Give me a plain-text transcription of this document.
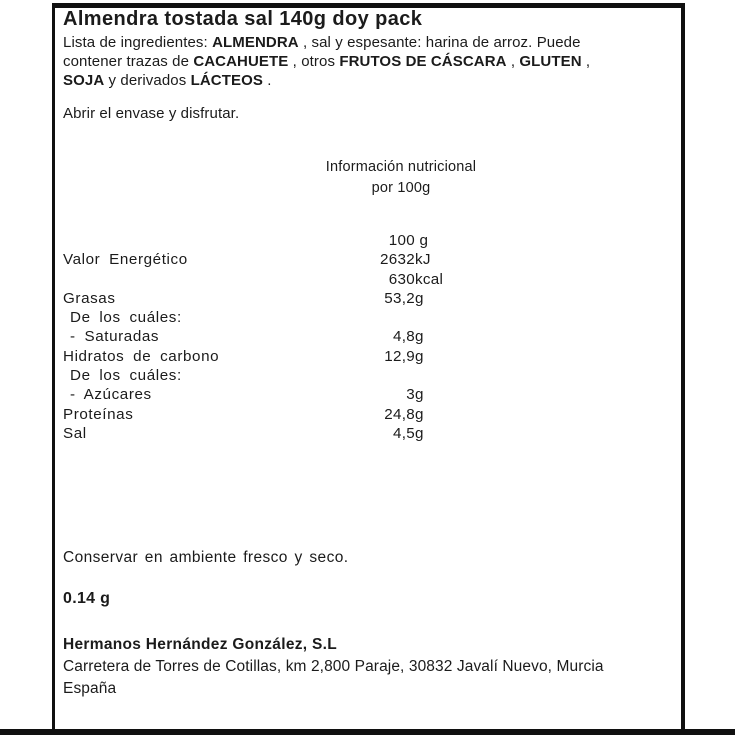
Almendra tostada sal 140g doy pack
Lista de ingredientes: ALMENDRA , sal y espesante: harina de arroz. Puede
contener trazas de CACAHUETE , otros FRUTOS DE CÁSCARA , GLUTEN ,
SOJA y derivados LÁCTEOS .
Abrir el envase y disfrutar.
Información nutricional
por 100g
100 g
Valor Energético	2632kJ
630kcal
Grasas	53,2g
De los cuáles:
- Saturadas	4,8g
Hidratos de carbono	12,9g
De los cuáles:
- Azúcares	3g
Proteínas	24,8g
Sal	4,5g
Conservar en ambiente fresco y seco.
0.14 g
Hermanos Hernández González, S.L
Carretera de Torres de Cotillas, km 2,800 Paraje, 30832 Javalí Nuevo, Murcia
España
